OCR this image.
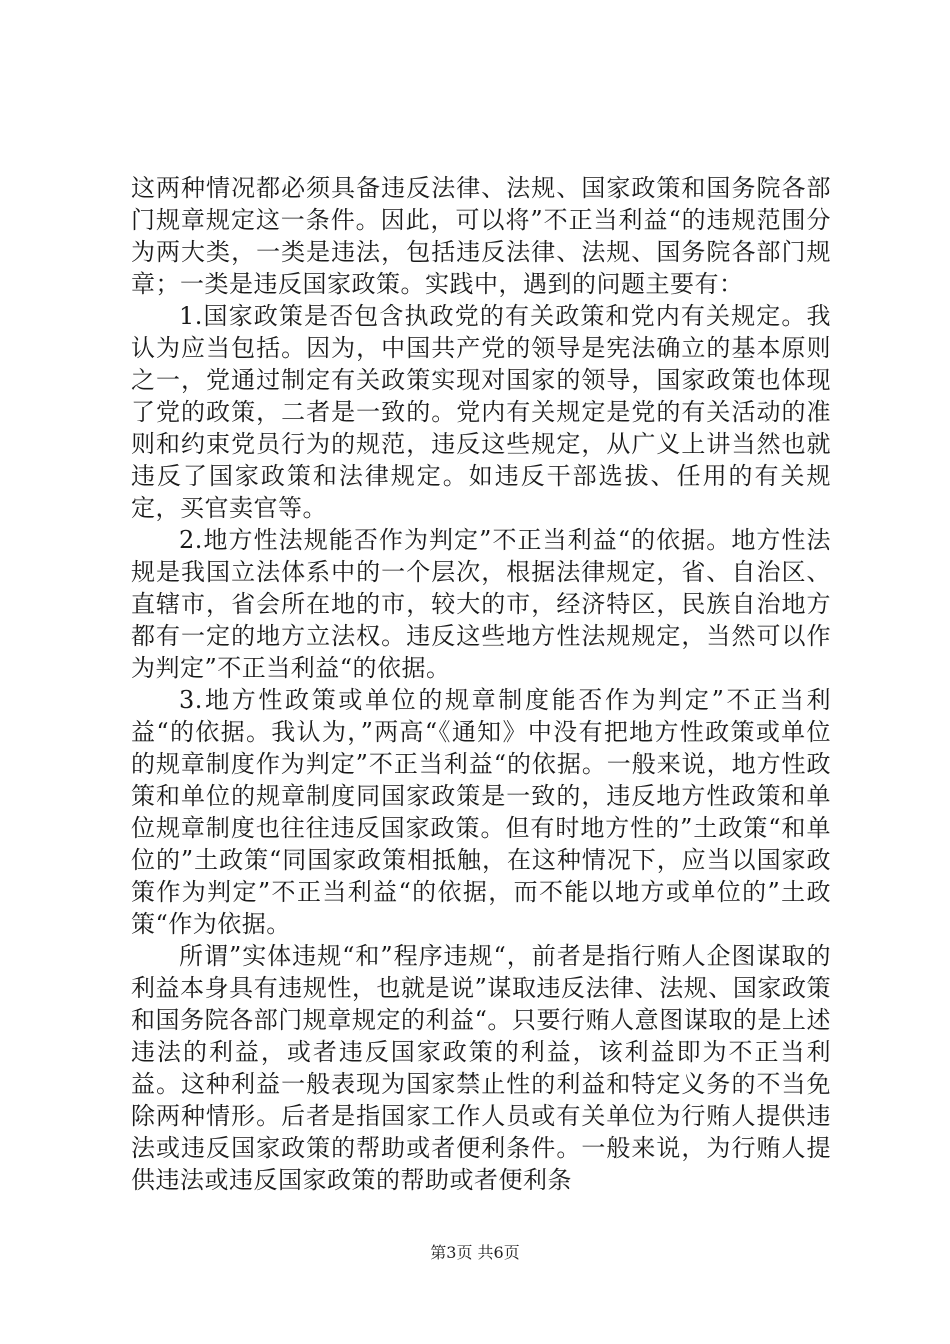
这两种情况都必须具备违反法律、法规、国家政策和国务院各部门规章规定这一条件。因此，可以将”不正当利益“的违规范围分为两大类，一类是违法，包括违反法律、法规、国务院各部门规章；一类是违反国家政策。实践中，遇到的问题主要有：

1.国家政策是否包含执政党的有关政策和党内有关规定。我认为应当包括。因为，中国共产党的领导是宪法确立的基本原则之一，党通过制定有关政策实现对国家的领导，国家政策也体现了党的政策，二者是一致的。党内有关规定是党的有关活动的准则和约束党员行为的规范，违反这些规定，从广义上讲当然也就违反了国家政策和法律规定。如违反干部选拔、任用的有关规定，买官卖官等。

2.地方性法规能否作为判定”不正当利益“的依据。地方性法规是我国立法体系中的一个层次，根据法律规定，省、自治区、直辖市，省会所在地的市，较大的市，经济特区，民族自治地方都有一定的地方立法权。违反这些地方性法规规定，当然可以作为判定”不正当利益“的依据。

3.地方性政策或单位的规章制度能否作为判定”不正当利益“的依据。我认为，”两高“《通知》中没有把地方性政策或单位的规章制度作为判定”不正当利益“的依据。一般来说，地方性政策和单位的规章制度同国家政策是一致的，违反地方性政策和单位规章制度也往往违反国家政策。但有时地方性的”土政策“和单位的”土政策“同国家政策相抵触，在这种情况下，应当以国家政策作为判定”不正当利益“的依据，而不能以地方或单位的”土政策“作为依据。

所谓”实体违规“和”程序违规“，前者是指行贿人企图谋取的利益本身具有违规性，也就是说”谋取违反法律、法规、国家政策和国务院各部门规章规定的利益“。只要行贿人意图谋取的是上述违法的利益，或者违反国家政策的利益，该利益即为不正当利益。这种利益一般表现为国家禁止性的利益和特定义务的不当免除两种情形。后者是指国家工作人员或有关单位为行贿人提供违法或违反国家政策的帮助或者便利条件。一般来说，为行贿人提供违法或违反国家政策的帮助或者便利条

第3页 共6页
